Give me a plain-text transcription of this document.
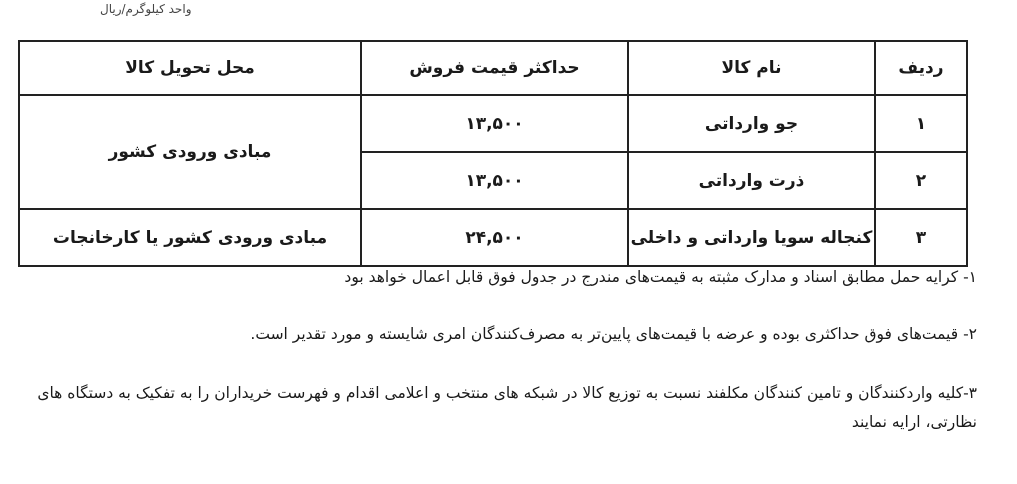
واحد کیلوگرم/ریال
ردیف	نام کالا	حداکثر قیمت فروش	محل تحویل کالا
۱	جو وارداتی	۱۳,۵۰۰	مبادی ورودی کشور
۲	ذرت وارداتی	۱۳,۵۰۰	
۳	کنجاله سویا وارداتی و داخلی	۲۴,۵۰۰	مبادی ورودی کشور یا کارخانجات
۱- کرایه حمل مطابق اسناد و مدارک مثبته به قیمت‌های مندرج در جدول فوق قابل اعمال خواهد بود
۲- قیمت‌های فوق حداکثری بوده و عرضه با قیمت‌های پایین‌تر به مصرف‌کنندگان امری شایسته و مورد تقدیر است.
۳-کلیه واردکنندگان و تامین کنندگان مکلفند نسبت به توزیع کالا در شبکه های منتخب و اعلامی اقدام و فهرست خریداران را به تفکیک به دستگاه های نظارتی، ارایه نمایند
